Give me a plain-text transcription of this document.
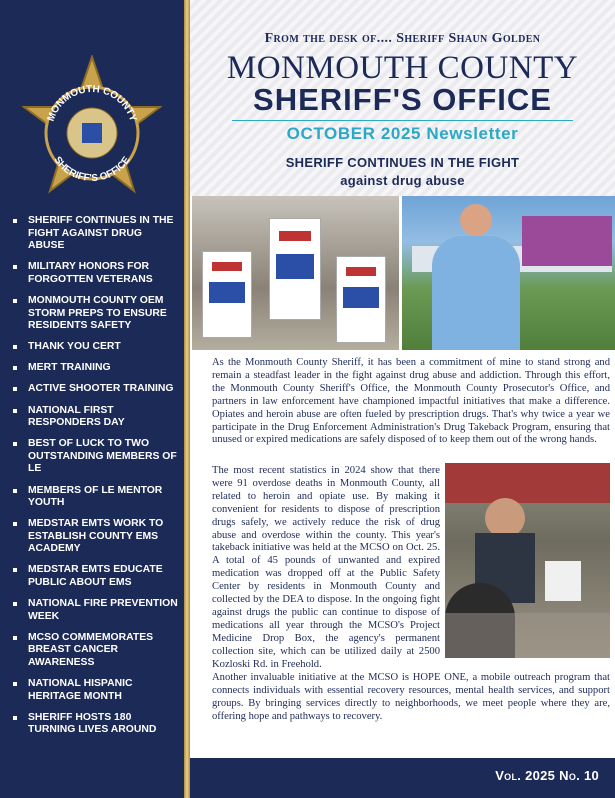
MONMOUTH COUNTY
SHERIFF'S OFFICE
SHERIFF CONTINUES IN THE FIGHT AGAINST DRUG ABUSE
MILITARY HONORS FOR FORGOTTEN VETERANS
MONMOUTH COUNTY OEM STORM PREPS TO ENSURE RESIDENTS SAFETY
THANK YOU CERT
MERT TRAINING
ACTIVE SHOOTER TRAINING
NATIONAL FIRST RESPONDERS DAY
BEST OF LUCK TO TWO OUTSTANDING MEMBERS OF LE
MEMBERS OF LE MENTOR YOUTH
MEDSTAR EMTS WORK TO ESTABLISH COUNTY EMS ACADEMY
MEDSTAR EMTS EDUCATE PUBLIC ABOUT EMS
NATIONAL FIRE PREVENTION WEEK
MCSO COMMEMORATES BREAST CANCER AWARENESS
NATIONAL HISPANIC HERITAGE MONTH
SHERIFF HOSTS 180 TURNING LIVES AROUND

From the desk of.... Sheriff Shaun Golden

MONMOUTH COUNTY

SHERIFF'S OFFICE

OCTOBER 2025 Newsletter

SHERIFF CONTINUES IN THE FIGHT
against drug abuse

As the Monmouth County Sheriff, it has been a commitment of mine to stand strong and remain a steadfast leader in the fight against drug abuse and addiction. Through this effort, the Monmouth County Sheriff's Office, the Monmouth County Prosecutor's Office, and partners in law enforcement have championed impactful initiatives that make a difference. Opiates and heroin abuse are often fueled by prescription drugs. That's why twice a year we participate in the Drug Enforcement Administration's Drug Takeback Program, ensuring that unused or expired medications are safely disposed of to keep them out of the wrong hands.

The most recent statistics in 2024 show that there were 91 overdose deaths in Monmouth County, all related to heroin and opiate use. By making it convenient for residents to dispose of prescription drugs safely, we actively reduce the risk of drug abuse and overdose within the county. This year's takeback initiative was held at the MCSO on Oct. 25. A total of 45 pounds of unwanted and expired medication was dropped off at the Public Safety Center by residents in Monmouth County and collected by the DEA to dispose. In the ongoing fight against drugs the public can continue to dispose of medications all year through the MCSO's Project Medicine Drop Box, the agency's permanent collection site, which can be utilized daily at 2500 Kozloski Rd. in Freehold.

Another invaluable initiative at the MCSO is HOPE ONE, a mobile outreach program that connects individuals with essential recovery resources, mental health services, and support groups. By bringing services directly to neighborhoods, we meet people where they are, offering hope and pathways to recovery.

Vol. 2025 No. 10
